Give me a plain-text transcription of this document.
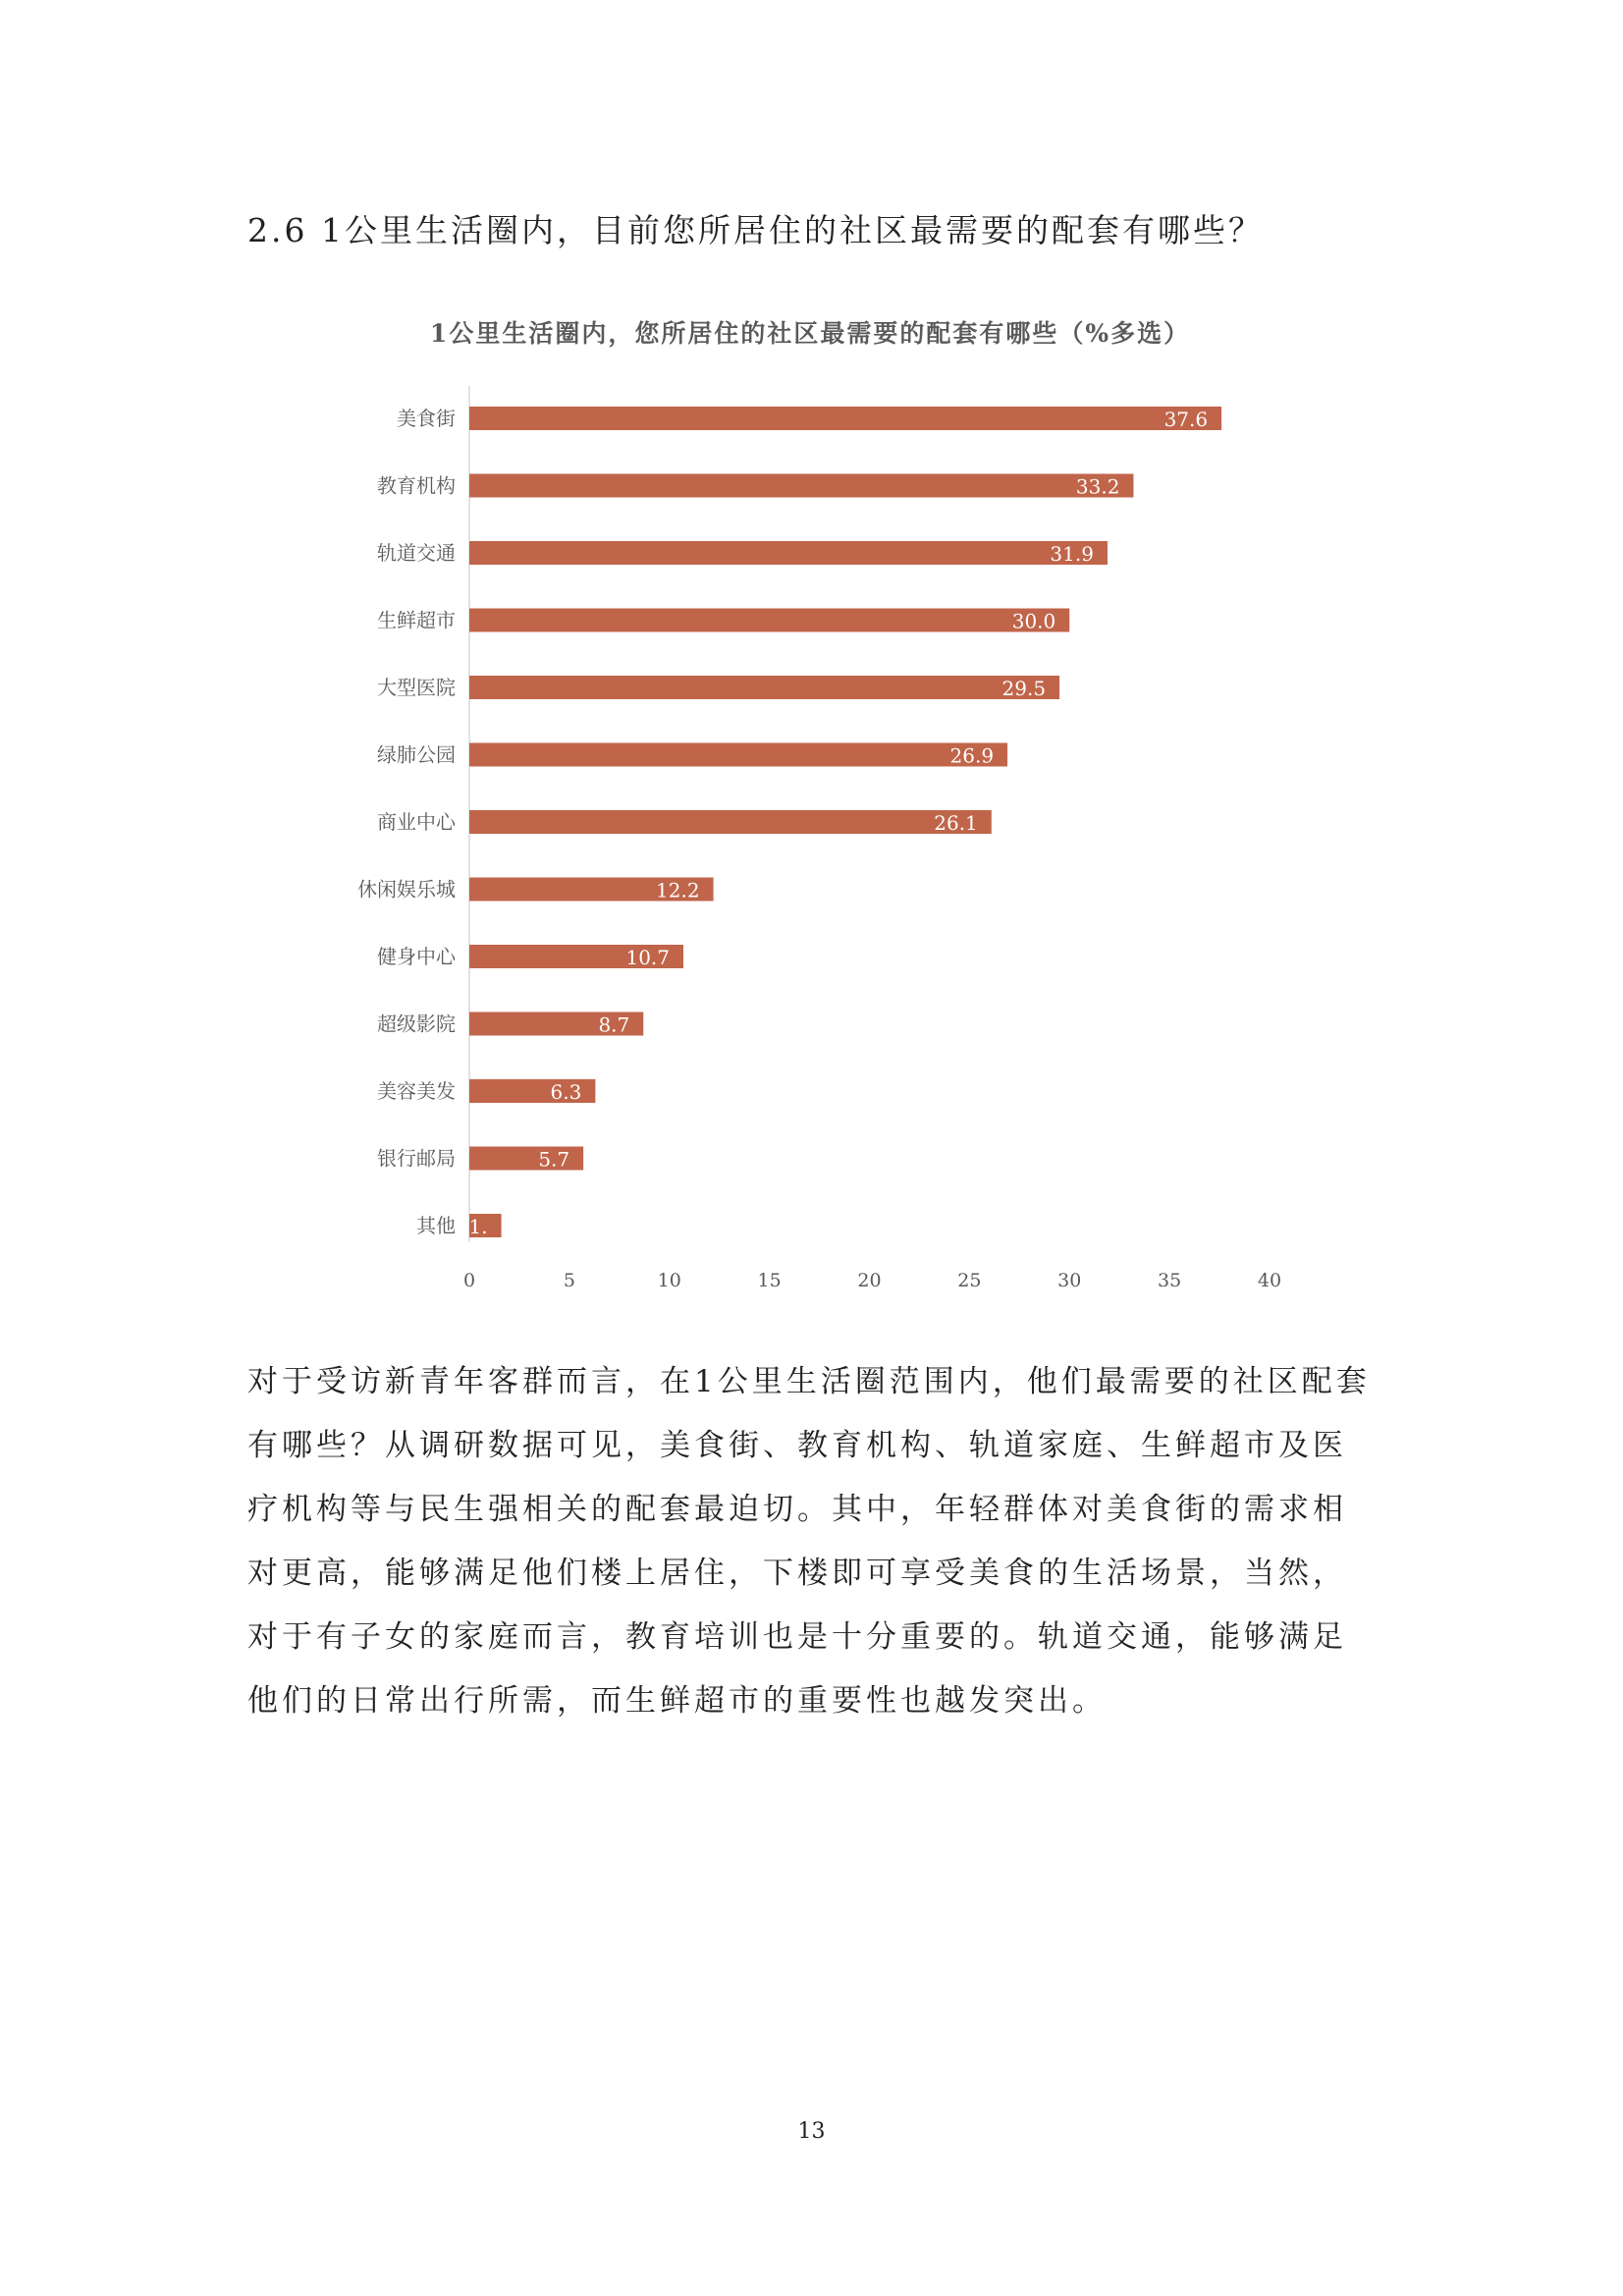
2.6 1公里生活圈内，目前您所居住的社区最需要的配套有哪些？
1公里生活圈内，您所居住的社区最需要的配套有哪些（%多选）
美食街	37.6
教育机构	33.2
轨道交通	31.9
生鲜超市	30.0
大型医院	29.5
绿肺公园	26.9
商业中心	26.1
休闲娱乐城	12.2
健身中心	10.7
超级影院	8.7
美容美发	6.3
银行邮局	5.7
其他 1.
0	5	10	15	20	25	30	35	40

对于受访新青年客群而言，在1公里生活圈范围内，他们最需要的社区配套有哪些？从调研数据可见，美食街、教育机构、轨道家庭、生鲜超市及医疗机构等与民生强相关的配套最迫切。其中，年轻群体对美食街的需求相对更高，能够满足他们楼上居住，下楼即可享受美食的生活场景，当然，对于有子女的家庭而言，教育培训也是十分重要的。轨道交通，能够满足他们的日常出行所需，而生鲜超市的重要性也越发突出。

13
